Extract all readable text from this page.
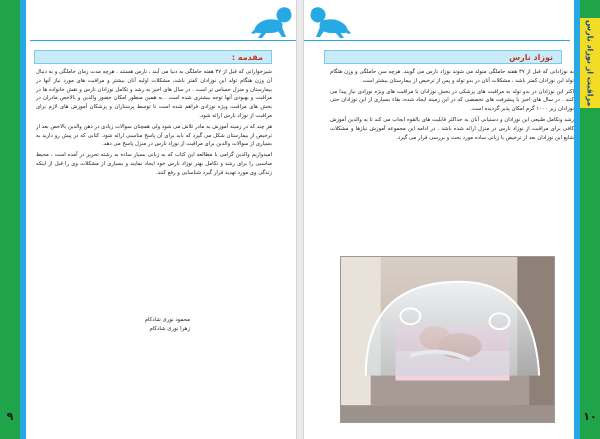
مقدمه :

شیرخوارانی که قبل از ۳۷ هفته حاملگی به دنیا می آیند ، نارس هستند . هرچه مدت زمان حاملگی و به دنبال آن وزن هنگام تولد این نوزادان کمتر باشد، مشکلات اولیه آنان بیشتر و مراقبت های مورد نیاز آنها در بیمارستان و منزل حساس تر است . در سال های اخیر به رشد و تکامل نوزادان نارس و نقش خانواده ها در مراقبت و بهبودی آنها توجه بیشتری شده است . به همین منظور امکان حضور والدین و بالاخص مادران در بخش های مراقبت ویژه نوزادی فراهم شده است تا توسط پرستاران و پزشکان آموزش های لازم برای مراقبت از نوزاد نارس ارائه شود.

هر چند که در زمینه آموزش به مادر تلاش می شود ولی همچنان سوالات زیادی در ذهن والدین بالاخص بعد از ترخیص از بیمارستان شکل می گیرد که باید برای آن پاسخ مناسبی ارائه شود. کتابی که در پیش رو دارید به بسیاری از سوالات والدین برای مراقبت از نوزاد نارس در منزل پاسخ می دهد.

امیدواریم والدین گرامی با مطالعه این کتاب که به زبانی بسیار ساده به رشته تحریر در آمده است ، محیط مناسبی را برای رشد و تکامل بهتر نوزاد نارس خود ایجاد نمایند و بسیاری از مشکلات وی را قبل از اینکه زندگی وی مورد تهدید قرار گیرد شناسایی و رفع کنند.

محمود نوری شادکام
زهرا نوری شادکام
۹
مراقبت از نوزاد نارس
نوزاد نارس

به نوزادانی که قبل از ۳۷ هفته حاملگی متولد می شوند نوزاد نارس می گویند. هرچه سن حاملگی و وزن هنگام تولد این نوزادان کمتر باشد ، مشکلات آنان در بدو تولد و پس از ترخیص از بیمارستان بیشتر است.

اکثر این نوزادان در بدو تولد به مراقبت های پزشکی در بخش نوزادان یا مراقبت های ویژه نوزادی نیاز پیدا می کنند . در سال های اخیر با پیشرفت های تخصصی که در این زمینه ایجاد شده، بقاء بسیاری از این نوزادان حتی نوزادان زیر ۱۰۰۰ گرم امکان پذیر گردیده است.

رشد وتکامل طبیعی این نوزادان و دستیابی آنان به حداکثر قابلیت های بالقوه ایجاب می کند تا به والدین آموزش کافی برای مراقبت از نوزاد نارس در منزل ارائه شده باشد . در ادامه این مجموعه آموزش نیازها و مشکلات شایع این نوزادان بعد از ترخیص با زبانی ساده مورد بحث و بررسی قرار می گیرد.

۱۰
